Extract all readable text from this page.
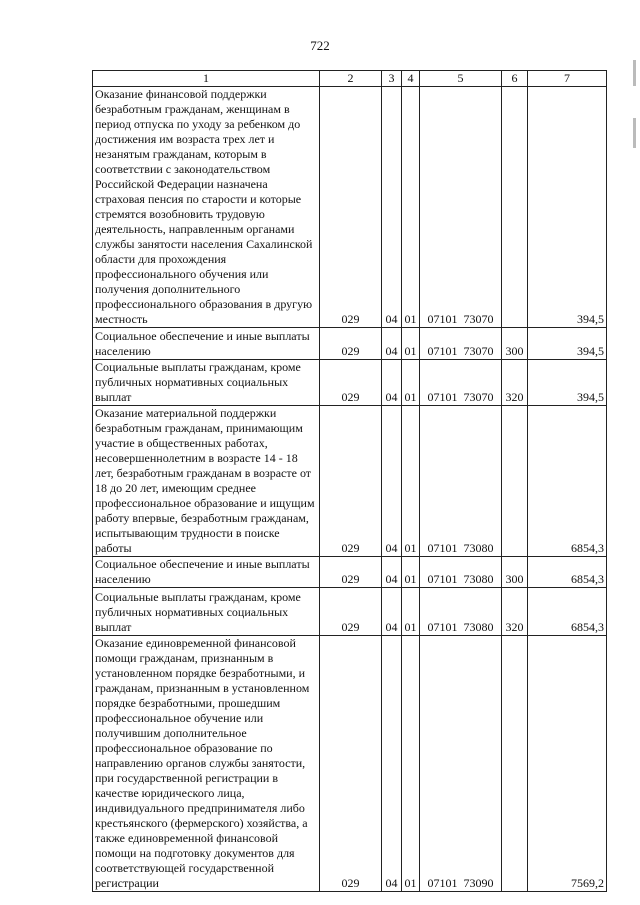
722
1	2	3	4	5	6	7
Оказание финансовой поддержки безработным гражданам, женщинам в период отпуска по уходу за ребенком до достижения им возраста трех лет и незанятым гражданам, которым в соответствии с законодательством Российской Федерации назначена страховая пенсия по старости и которые стремятся возобновить трудовую деятельность, направленным органами службы занятости населения Сахалинской области для прохождения профессионального обучения или получения дополнительного профессионального образования в другую местность	029	04	01	07101 73070		394,5
Социальное обеспечение и иные выплаты населению	029	04	01	07101 73070	300	394,5
Социальные выплаты гражданам, кроме публичных нормативных социальных выплат	029	04	01	07101 73070	320	394,5
Оказание материальной поддержки безработным гражданам, принимающим участие в общественных работах, несовершеннолетним в возрасте 14 - 18 лет, безработным гражданам в возрасте от 18 до 20 лет, имеющим среднее профессиональное образование и ищущим работу впервые, безработным гражданам, испытывающим трудности в поиске работы	029	04	01	07101 73080		6854,3
Социальное обеспечение и иные выплаты населению	029	04	01	07101 73080	300	6854,3
Социальные выплаты гражданам, кроме публичных нормативных социальных выплат	029	04	01	07101 73080	320	6854,3
Оказание единовременной финансовой помощи гражданам, признанным в установленном порядке безработными, и гражданам, признанным в установленном порядке безработными, прошедшим профессиональное обучение или получившим дополнительное профессиональное образование по направлению органов службы занятости, при государственной регистрации в качестве юридического лица, индивидуального предпринимателя либо крестьянского (фермерского) хозяйства, а также единовременной финансовой помощи на подготовку документов для соответствующей государственной регистрации	029	04	01	07101 73090		7569,2
